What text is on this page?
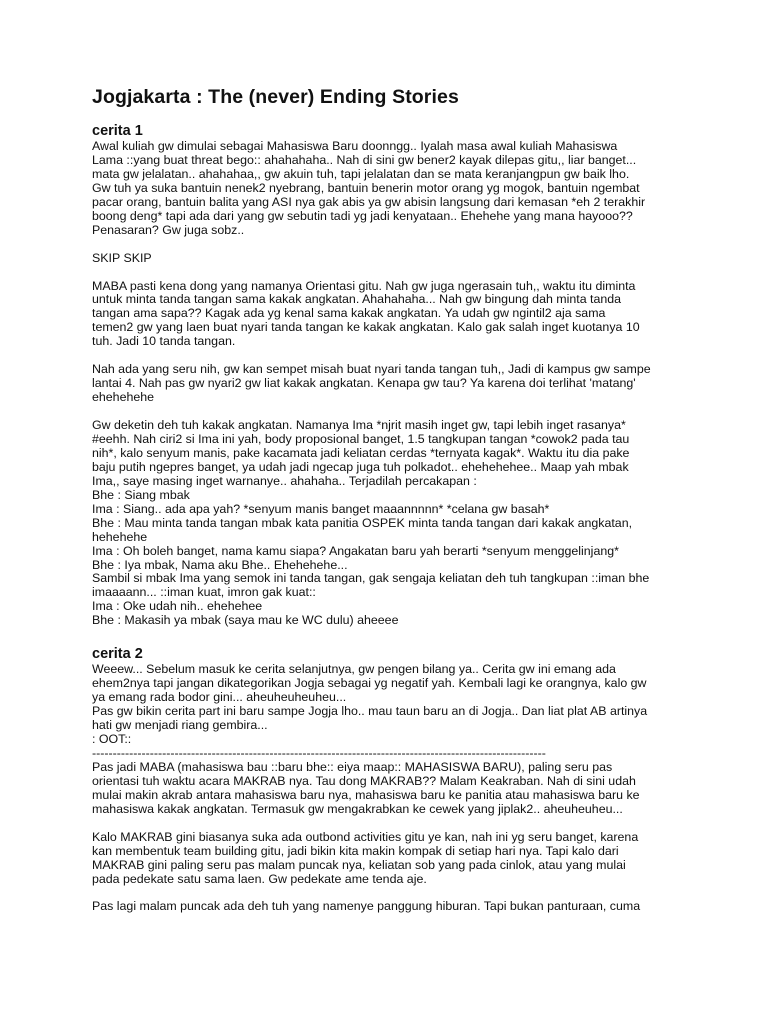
Jogjakarta : The (never) Ending Stories
cerita 1
Awal kuliah gw dimulai sebagai Mahasiswa Baru doonngg.. Iyalah masa awal kuliah Mahasiswa
Lama ::yang buat threat bego:: ahahahaha.. Nah di sini gw bener2 kayak dilepas gitu,, liar banget...
mata gw jelalatan.. ahahahaa,, gw akuin tuh, tapi jelalatan dan se mata keranjangpun gw baik lho.
Gw tuh ya suka bantuin nenek2 nyebrang, bantuin benerin motor orang yg mogok, bantuin ngembat
pacar orang, bantuin balita yang ASI nya gak abis ya gw abisin langsung dari kemasan *eh 2 terakhir
boong deng* tapi ada dari yang gw sebutin tadi yg jadi kenyataan.. Ehehehe yang mana hayooo??
Penasaran? Gw juga sobz..
SKIP SKIP
MABA pasti kena dong yang namanya Orientasi gitu. Nah gw juga ngerasain tuh,, waktu itu diminta
untuk minta tanda tangan sama kakak angkatan. Ahahahaha... Nah gw bingung dah minta tanda
tangan ama sapa?? Kagak ada yg kenal sama kakak angkatan. Ya udah gw ngintil2 aja sama
temen2 gw yang laen buat nyari tanda tangan ke kakak angkatan. Kalo gak salah inget kuotanya 10
tuh. Jadi 10 tanda tangan.
Nah ada yang seru nih, gw kan sempet misah buat nyari tanda tangan tuh,, Jadi di kampus gw sampe
lantai 4. Nah pas gw nyari2 gw liat kakak angkatan. Kenapa gw tau? Ya karena doi terlihat 'matang'
ehehehehe
Gw deketin deh tuh kakak angkatan. Namanya Ima *njrit masih inget gw, tapi lebih inget rasanya*
#eehh. Nah ciri2 si Ima ini yah, body proposional banget, 1.5 tangkupan tangan *cowok2 pada tau
nih*, kalo senyum manis, pake kacamata jadi keliatan cerdas *ternyata kagak*. Waktu itu dia pake
baju putih ngepres banget, ya udah jadi ngecap juga tuh polkadot.. ehehehehee.. Maap yah mbak
Ima,, saye masing inget warnanye.. ahahaha.. Terjadilah percakapan :
Bhe : Siang mbak
Ima : Siang.. ada apa yah? *senyum manis banget maaannnnn* *celana gw basah*
Bhe : Mau minta tanda tangan mbak kata panitia OSPEK minta tanda tangan dari kakak angkatan,
hehehehe
Ima : Oh boleh banget, nama kamu siapa? Angakatan baru yah berarti *senyum menggelinjang*
Bhe : Iya mbak, Nama aku Bhe.. Ehehehehe...
Sambil si mbak Ima yang semok ini tanda tangan, gak sengaja keliatan deh tuh tangkupan ::iman bhe
imaaaann... ::iman kuat, imron gak kuat::
Ima : Oke udah nih.. ehehehee
Bhe : Makasih ya mbak (saya mau ke WC dulu) aheeee
cerita 2
Weeew... Sebelum masuk ke cerita selanjutnya, gw pengen bilang ya.. Cerita gw ini emang ada
ehem2nya tapi jangan dikategorikan Jogja sebagai yg negatif yah. Kembali lagi ke orangnya, kalo gw
ya emang rada bodor gini... aheuheuheuheu...
Pas gw bikin cerita part ini baru sampe Jogja lho.. mau taun baru an di Jogja.. Dan liat plat AB artinya
hati gw menjadi riang gembira...
: OOT::
--------------------------------------------------------------------------------------------------------------
Pas jadi MABA (mahasiswa bau ::baru bhe:: eiya maap:: MAHASISWA BARU), paling seru pas
orientasi tuh waktu acara MAKRAB nya. Tau dong MAKRAB?? Malam Keakraban. Nah di sini udah
mulai makin akrab antara mahasiswa baru nya, mahasiswa baru ke panitia atau mahasiswa baru ke
mahasiswa kakak angkatan. Termasuk gw mengakrabkan ke cewek yang jiplak2.. aheuheuheu...
Kalo MAKRAB gini biasanya suka ada outbond activities gitu ye kan, nah ini yg seru banget, karena
kan membentuk team building gitu, jadi bikin kita makin kompak di setiap hari nya. Tapi kalo dari
MAKRAB gini paling seru pas malam puncak nya, keliatan sob yang pada cinlok, atau yang mulai
pada pedekate satu sama laen. Gw pedekate ame tenda aje.
Pas lagi malam puncak ada deh tuh yang namenye panggung hiburan. Tapi bukan panturaan, cuma
